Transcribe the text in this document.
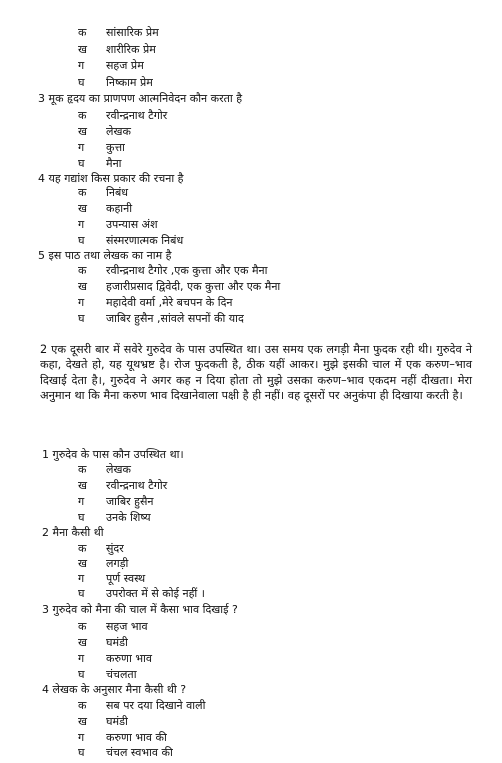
क	सांसारिक प्रेम
ख	शारीरिक प्रेम
ग	सहज प्रेम
घ	निष्काम प्रेम
3 मूक हृदय का प्राणपण आत्मनिवेदन कौन करता है
क	रवीन्द्रनाथ टैगोर
ख	लेखक
ग	कुत्ता
घ	मैना
4 यह गद्यांश किस प्रकार की रचना है
क	निबंध
ख	कहानी
ग	उपन्यास अंश
घ	संस्मरणात्मक निबंध
5 इस पाठ तथा लेखक का नाम है
क	रवीन्द्रनाथ टैगोर ,एक कुत्ता और एक मैना
ख	हजारीप्रसाद द्विवेदी, एक कुत्ता और एक मैना
ग	महादेवी वर्मा ,मेरे बचपन के दिन
घ	जाबिर हुसैन ,सांवले सपनों की याद
2 एक दूसरी बार में सवेरे गुरुदेव के पास उपस्थित था। उस समय एक लगड़ी मैना फुदक रही थी। गुरुदेव ने कहा, देखते हो, यह यूथभ्रष्ट है। रोज फुदकती है, ठीक यहीं आकर। मुझे इसकी चाल में एक करुण–भाव दिखाई देता है।, गुरुदेव ने अगर कह न दिया होता तो मुझे उसका करुण–भाव एकदम नहीं दीखता। मेरा अनुमान था कि मैना करुण भाव दिखानेवाला पक्षी है ही नहीं। वह दूसरों पर अनुकंपा ही दिखाया करती है।
1 गुरुदेव के पास कौन उपस्थित था।
क	लेखक
ख	रवीन्द्रनाथ टैगोर
ग	जाबिर हुसैन
घ	उनके शिष्य
2 मैना कैसी थी
क	सुंदर
ख	लगड़ी
ग	पूर्ण स्वस्थ
घ	उपरोक्त में से कोई नहीं ।
3 गुरुदेव को मैना की चाल में कैसा भाव दिखाई ?
क	सहज भाव
ख	घमंडी
ग	करुणा भाव
घ	चंचलता
4 लेखक के अनुसार मैना कैसी थी ?
क	सब पर दया दिखाने वाली
ख	घमंडी
ग	करुणा भाव की
घ	चंचल स्वभाव की
